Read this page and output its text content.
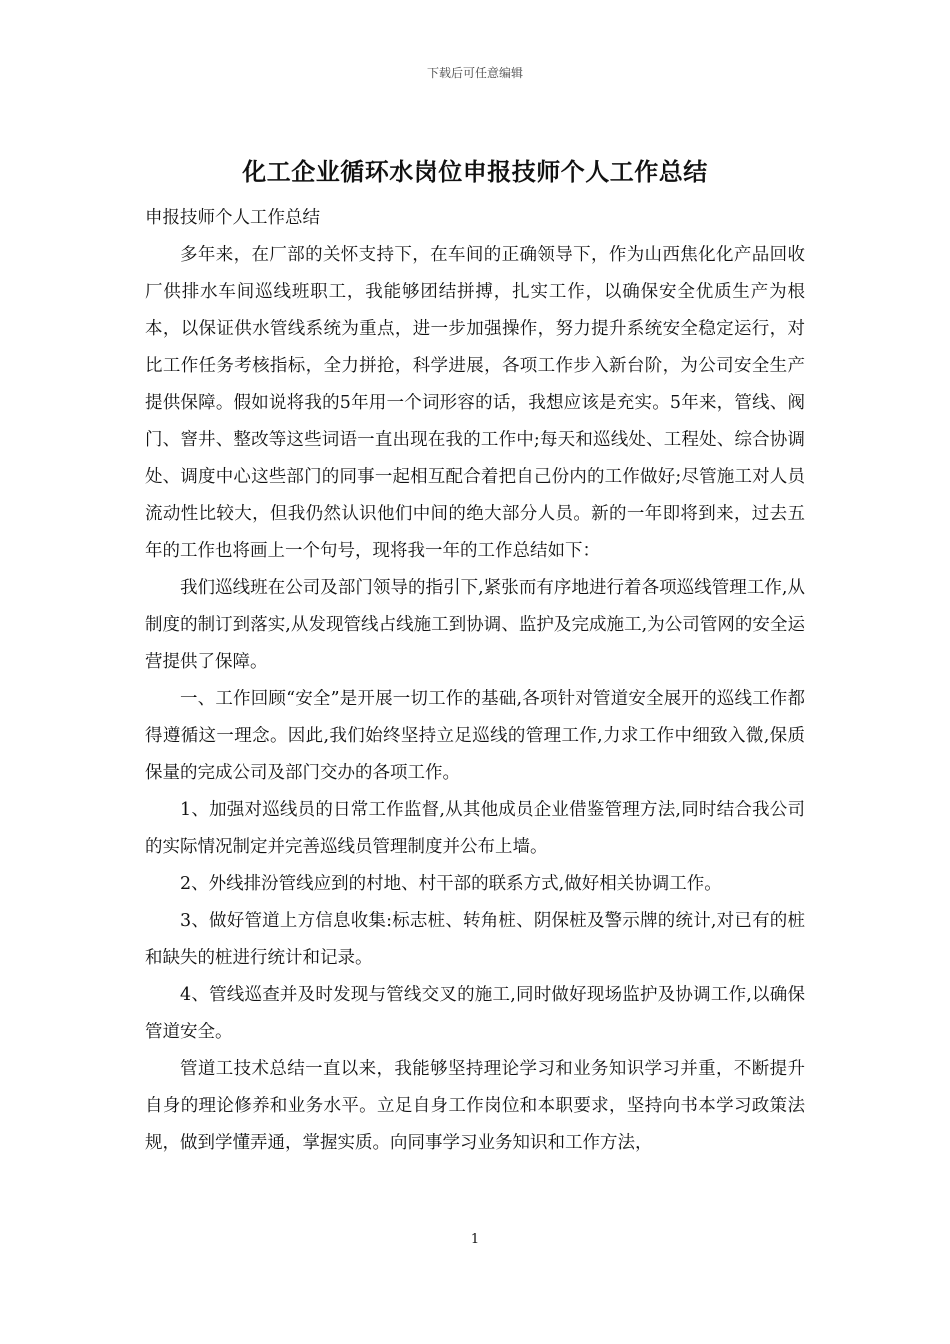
下载后可任意编辑
化工企业循环水岗位申报技师个人工作总结

申报技师个人工作总结

多年来，在厂部的关怀支持下，在车间的正确领导下，作为山西焦化化产品回收厂供排水车间巡线班职工，我能够团结拼搏，扎实工作，以确保安全优质生产为根本，以保证供水管线系统为重点，进一步加强操作，努力提升系统安全稳定运行，对比工作任务考核指标，全力拼抢，科学进展，各项工作步入新台阶，为公司安全生产提供保障。假如说将我的5年用一个词形容的话，我想应该是充实。5年来，管线、阀门、窨井、整改等这些词语一直出现在我的工作中;每天和巡线处、工程处、综合协调处、调度中心这些部门的同事一起相互配合着把自己份内的工作做好;尽管施工对人员流动性比较大，但我仍然认识他们中间的绝大部分人员。新的一年即将到来，过去五年的工作也将画上一个句号，现将我一年的工作总结如下：

我们巡线班在公司及部门领导的指引下,紧张而有序地进行着各项巡线管理工作,从制度的制订到落实,从发现管线占线施工到协调、监护及完成施工,为公司管网的安全运营提供了保障。

一、工作回顾“安全”是开展一切工作的基础,各项针对管道安全展开的巡线工作都得遵循这一理念。因此,我们始终坚持立足巡线的管理工作,力求工作中细致入微,保质保量的完成公司及部门交办的各项工作。

1、加强对巡线员的日常工作监督,从其他成员企业借鉴管理方法,同时结合我公司的实际情况制定并完善巡线员管理制度并公布上墙。

2、外线排汾管线应到的村地、村干部的联系方式,做好相关协调工作。

3、做好管道上方信息收集:标志桩、转角桩、阴保桩及警示牌的统计,对已有的桩和缺失的桩进行统计和记录。

4、管线巡查并及时发现与管线交叉的施工,同时做好现场监护及协调工作,以确保管道安全。

管道工技术总结一直以来，我能够坚持理论学习和业务知识学习并重，不断提升自身的理论修养和业务水平。立足自身工作岗位和本职要求，坚持向书本学习政策法规，做到学懂弄通，掌握实质。向同事学习业务知识和工作方法，

1
